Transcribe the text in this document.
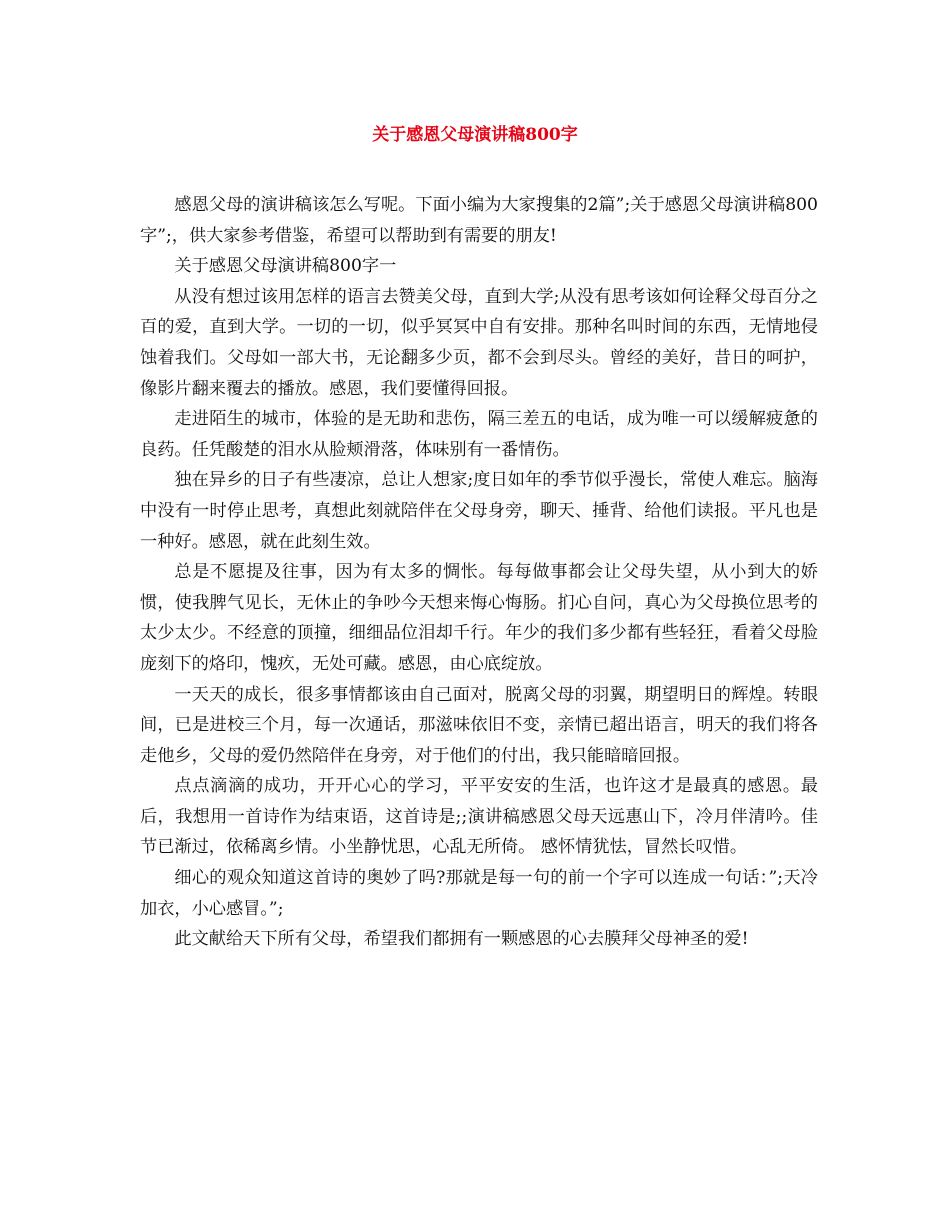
关于感恩父母演讲稿800字

感恩父母的演讲稿该怎么写呢。下面小编为大家搜集的2篇”;关于感恩父母演讲稿800字”;，供大家参考借鉴，希望可以帮助到有需要的朋友!

关于感恩父母演讲稿800字一

从没有想过该用怎样的语言去赞美父母，直到大学;从没有思考该如何诠释父母百分之百的爱，直到大学。一切的一切，似乎冥冥中自有安排。那种名叫时间的东西，无情地侵蚀着我们。父母如一部大书，无论翻多少页，都不会到尽头。曾经的美好，昔日的呵护，像影片翻来覆去的播放。感恩，我们要懂得回报。

走进陌生的城市，体验的是无助和悲伤，隔三差五的电话，成为唯一可以缓解疲惫的良药。任凭酸楚的泪水从脸颊滑落，体味别有一番情伤。

独在异乡的日子有些凄凉，总让人想家;度日如年的季节似乎漫长，常使人难忘。脑海中没有一时停止思考，真想此刻就陪伴在父母身旁，聊天、捶背、给他们读报。平凡也是一种好。感恩，就在此刻生效。

总是不愿提及往事，因为有太多的惆怅。每每做事都会让父母失望，从小到大的娇惯，使我脾气见长，无休止的争吵今天想来悔心悔肠。扪心自问，真心为父母换位思考的太少太少。不经意的顶撞，细细品位泪却千行。年少的我们多少都有些轻狂，看着父母脸庞刻下的烙印，愧疚，无处可藏。感恩，由心底绽放。

一天天的成长，很多事情都该由自己面对，脱离父母的羽翼，期望明日的辉煌。转眼间，已是进校三个月，每一次通话，那滋味依旧不变，亲情已超出语言，明天的我们将各走他乡，父母的爱仍然陪伴在身旁，对于他们的付出，我只能暗暗回报。

点点滴滴的成功，开开心心的学习，平平安安的生活，也许这才是最真的感恩。最后，我想用一首诗作为结束语，这首诗是;;演讲稿感恩父母天远惠山下，冷月伴清吟。佳节已渐过，依稀离乡情。小坐静忧思，心乱无所倚。 感怀情犹怯，冒然长叹惜。

细心的观众知道这首诗的奥妙了吗?那就是每一句的前一个字可以连成一句话：”;天冷加衣，小心感冒。”;

此文献给天下所有父母，希望我们都拥有一颗感恩的心去膜拜父母神圣的爱!
